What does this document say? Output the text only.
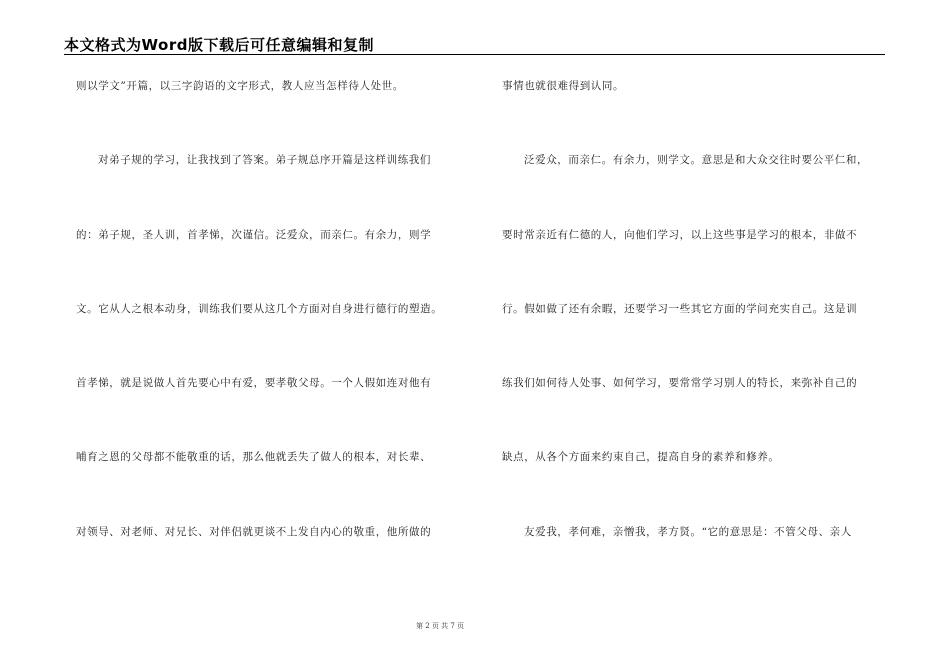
本文格式为Word版下载后可任意编辑和复制
则以学文”开篇，以三字韵语的文字形式，教人应当怎样待人处世。
对弟子规的学习，让我找到了答案。弟子规总序开篇是这样训练我们
的：弟子规，圣人训，首孝悌，次谨信。泛爱众，而亲仁。有余力，则学
文。它从人之根本动身，训练我们要从这几个方面对自身进行德行的塑造。
首孝悌，就是说做人首先要心中有爱，要孝敬父母。一个人假如连对他有
哺育之恩的父母都不能敬重的话，那么他就丢失了做人的根本，对长辈、
对领导、对老师、对兄长、对伴侣就更谈不上发自内心的敬重，他所做的
事情也就很难得到认同。
泛爱众，而亲仁。有余力，则学文。意思是和大众交往时要公平仁和，
要时常亲近有仁德的人，向他们学习，以上这些事是学习的根本，非做不
行。假如做了还有余暇，还要学习一些其它方面的学问充实自己。这是训
练我们如何待人处事、如何学习，要常常学习别人的特长，来弥补自己的
缺点，从各个方面来约束自己，提高自身的素养和修养。
友爱我，孝何难，亲憎我，孝方贤。“它的意思是：不管父母、亲人
第 2 页 共 7 页
